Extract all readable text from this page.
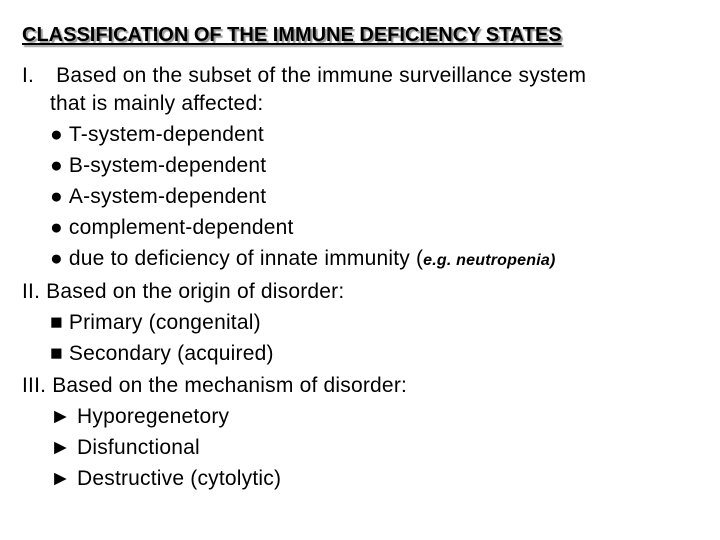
CLASSIFICATION OF THE IMMUNE DEFICIENCY STATES
I. Based on the subset of the immune surveillance system
that is mainly affected:
● T-system-dependent
● B-system-dependent
● A-system-dependent
● complement-dependent
● due to deficiency of innate immunity (e.g. neutropenia)
II. Based on the origin of disorder:
■ Primary (congenital)
■ Secondary (acquired)
III. Based on the mechanism of disorder:
► Hyporegenetory
► Disfunctional
► Destructive (cytolytic)
